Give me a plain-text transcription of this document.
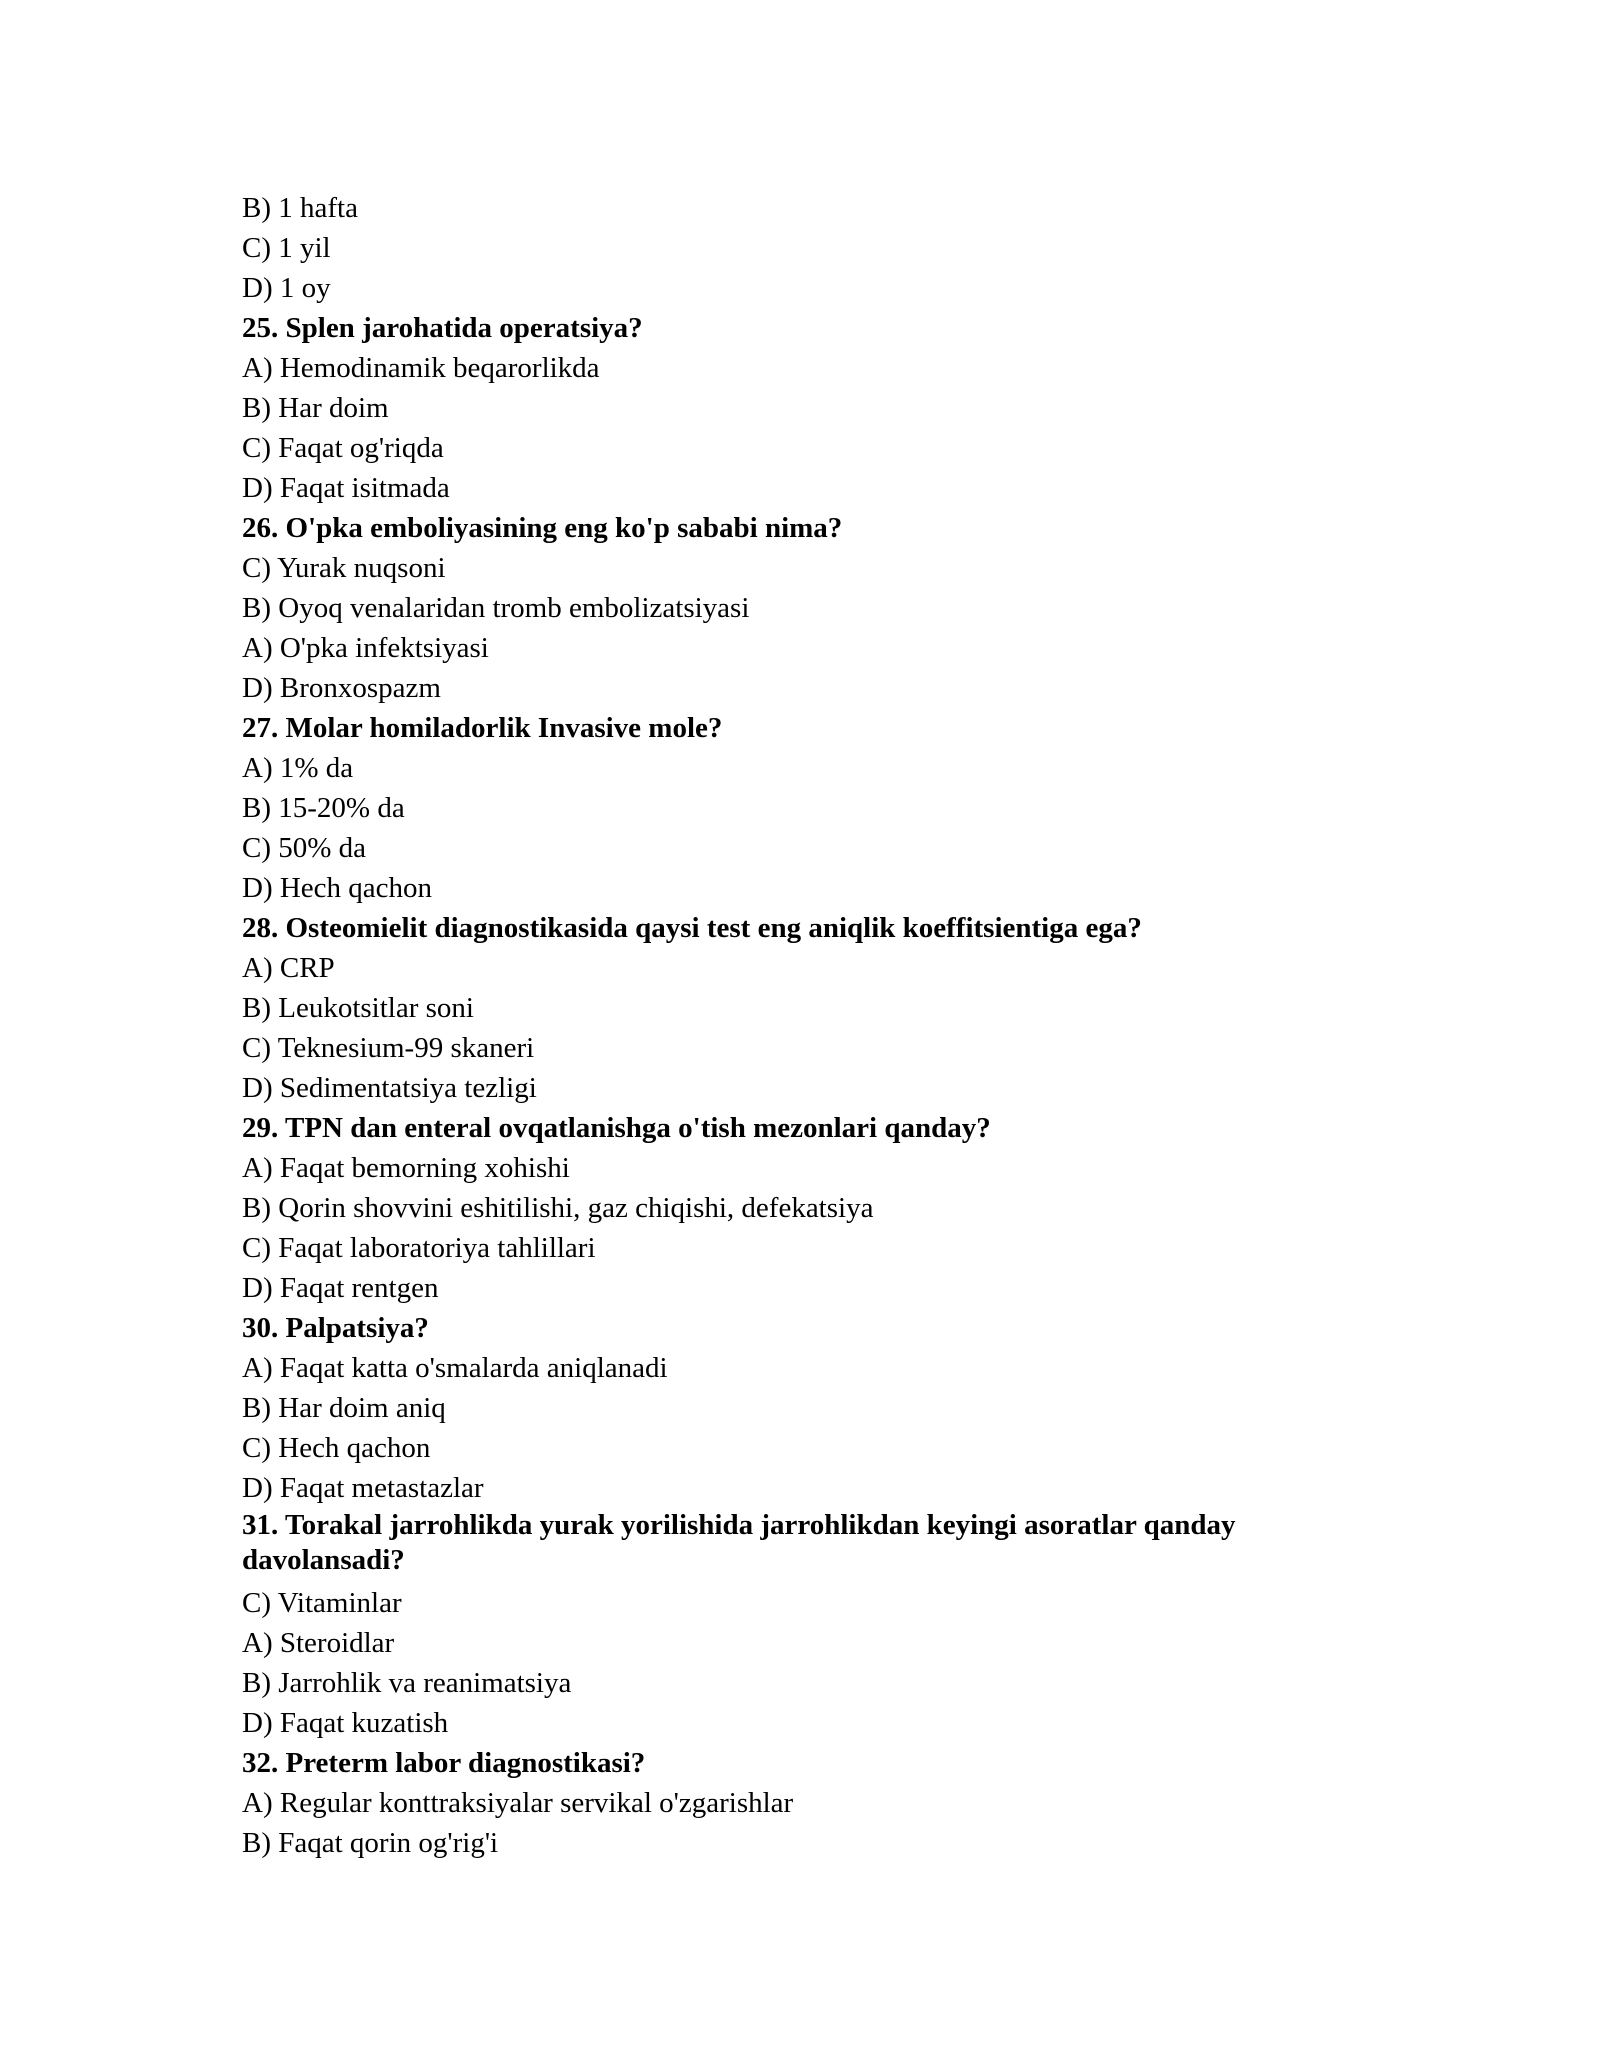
B) 1 hafta
C) 1 yil
D) 1 oy
25. Splen jarohatida operatsiya?
A) Hemodinamik beqarorlikda
B) Har doim
C) Faqat og'riqda
D) Faqat isitmada
26. O'pka emboliyasining eng ko'p sababi nima?
C) Yurak nuqsoni
B) Oyoq venalaridan tromb embolizatsiyasi
A) O'pka infektsiyasi
D) Bronxospazm
27. Molar homiladorlik Invasive mole?
A) 1% da
B) 15-20% da
C) 50% da
D) Hech qachon
28. Osteomielit diagnostikasida qaysi test eng aniqlik koeffitsientiga ega?
A) CRP
B) Leukotsitlar soni
C) Teknesium-99 skaneri
D) Sedimentatsiya tezligi
29. TPN dan enteral ovqatlanishga o'tish mezonlari qanday?
A) Faqat bemorning xohishi
B) Qorin shovvini eshitilishi, gaz chiqishi, defekatsiya
C) Faqat laboratoriya tahlillari
D) Faqat rentgen
30. Palpatsiya?
A) Faqat katta o'smalarda aniqlanadi
B) Har doim aniq
C) Hech qachon
D) Faqat metastazlar
31. Torakal jarrohlikda yurak yorilishida jarrohlikdan keyingi asoratlar qanday davolansadi?
C) Vitaminlar
A) Steroidlar
B) Jarrohlik va reanimatsiya
D) Faqat kuzatish
32. Preterm labor diagnostikasi?
A) Regular konttraksiyalar servikal o'zgarishlar
B) Faqat qorin og'rig'i
